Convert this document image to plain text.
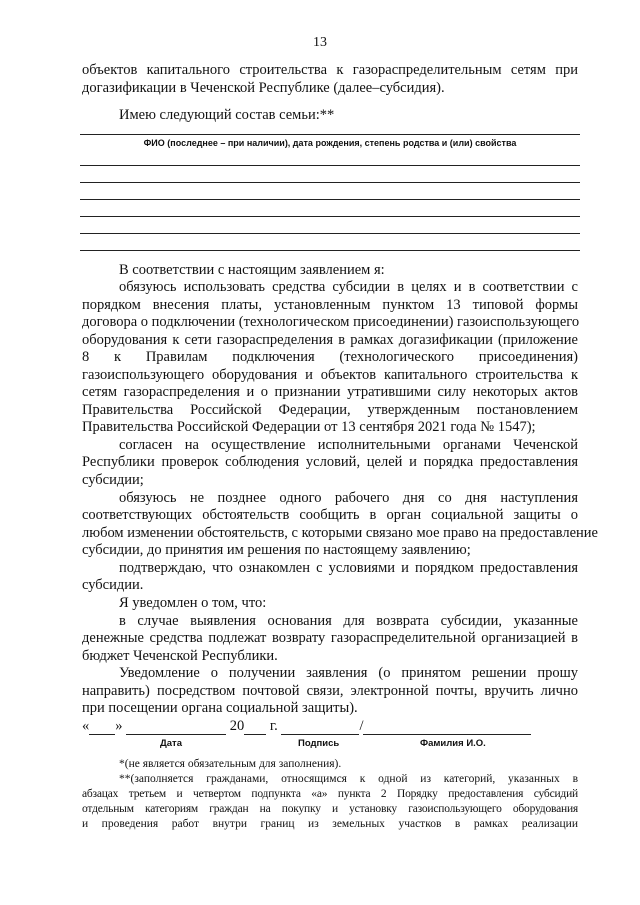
13
объектов капитального строительства к газораспределительным сетям при
догазификации в Чеченской Республике (далее–субсидия).
Имею следующий состав семьи:**
ФИО (последнее – при наличии), дата рождения, степень родства и (или) свойства
В соответствии с настоящим заявлением я:
обязуюсь использовать средства субсидии в целях и в соответствии с
порядком внесения платы, установленным пунктом 13 типовой формы
договора о подключении (технологическом присоединении) газоиспользующего
оборудования к сети газораспределения в рамках догазификации (приложение
8 к Правилам подключения (технологического присоединения)
газоиспользующего оборудования и объектов капитального строительства к
сетям газораспределения и о признании утратившими силу некоторых актов
Правительства Российской Федерации, утвержденным постановлением
Правительства Российской Федерации от 13 сентября 2021 года № 1547);
согласен на осуществление исполнительными органами Чеченской
Республики проверок соблюдения условий, целей и порядка предоставления
субсидии;
обязуюсь не позднее одного рабочего дня со дня наступления
соответствующих обстоятельств сообщить в орган социальной защиты о
любом изменении обстоятельств, с которыми связано мое право на предоставление
субсидии, до принятия им решения по настоящему заявлению;
подтверждаю, что ознакомлен с условиями и порядком предоставления
субсидии.
Я уведомлен о том, что:
в случае выявления основания для возврата субсидии, указанные
денежные средства подлежат возврату газораспределительной организацией в
бюджет Чеченской Республики.
Уведомление о получении заявления (о принятом решении прошу
направить) посредством почтовой связи, электронной почты, вручить лично
при посещении органа социальной защиты).
« »	20 г.	/
Дата	Подпись	Фамилия И.О.
*(не является обязательным для заполнения).
**(заполняется гражданами, относящимся к одной из категорий, указанных в
абзацах третьем и четвертом подпункта «а» пункта 2 Порядку предоставления субсидий
отдельным категориям граждан на покупку и установку газоиспользующего оборудования
и проведения работ внутри границ из земельных участков в рамках реализации
